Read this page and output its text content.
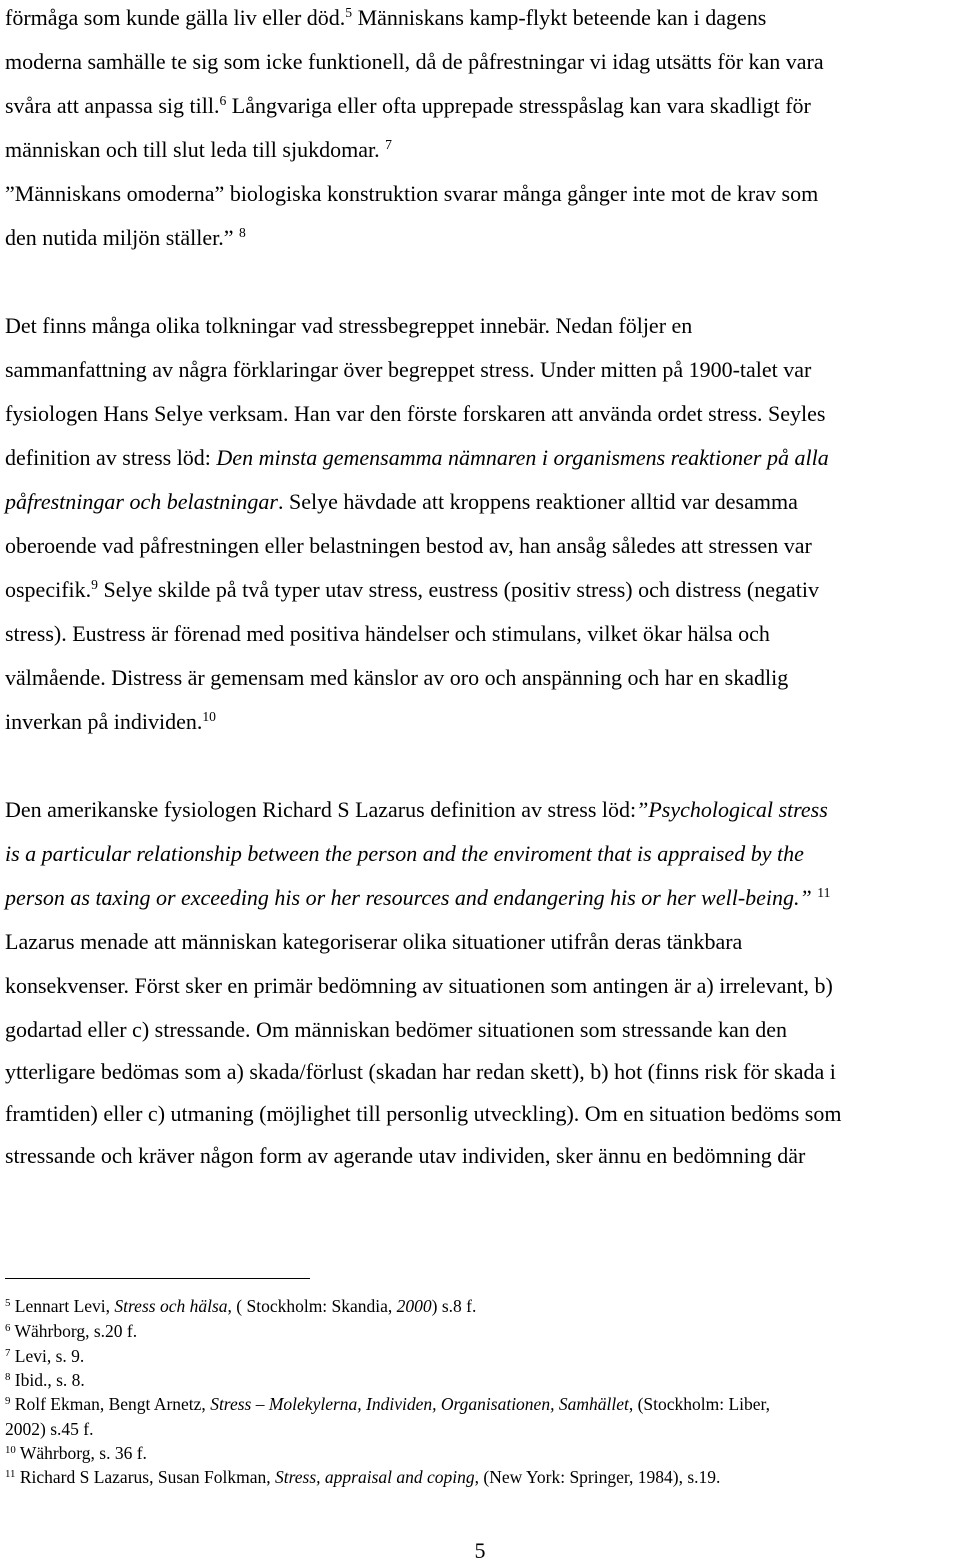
förmåga som kunde gälla liv eller död.$^5$ Människans kamp-flykt beteende kan i dagens
moderna samhälle te sig som icke funktionell, då de påfrestningar vi idag utsätts för kan vara
svåra att anpassa sig till.$^6$ Långvariga eller ofta upprepade stresspåslag kan vara skadligt för
människan och till slut leda till sjukdomar. $^7$
”Människans omoderna” biologiska konstruktion svarar många gånger inte mot de krav som
den nutida miljön ställer.” $^8$
Det finns många olika tolkningar vad stressbegreppet innebär. Nedan följer en
sammanfattning av några förklaringar över begreppet stress. Under mitten på 1900-talet var
fysiologen Hans Selye verksam. Han var den förste forskaren att använda ordet stress. Seyles
definition av stress löd: Den minsta gemensamma nämnaren i organismens reaktioner på alla
påfrestningar och belastningar. Selye hävdade att kroppens reaktioner alltid var desamma
oberoende vad påfrestningen eller belastningen bestod av, han ansåg således att stressen var
ospecifik.$^9$ Selye skilde på två typer utav stress, eustress (positiv stress) och distress (negativ
stress). Eustress är förenad med positiva händelser och stimulans, vilket ökar hälsa och
välmående. Distress är gemensam med känslor av oro och anspänning och har en skadlig
inverkan på individen.$^{10}$
Den amerikanske fysiologen Richard S Lazarus definition av stress löd:”Psychological stress
is a particular relationship between the person and the enviroment that is appraised by the
person as taxing or exceeding his or her resources and endangering his or her well-being.” $^{11}$
Lazarus menade att människan kategoriserar olika situationer utifrån deras tänkbara
konsekvenser. Först sker en primär bedömning av situationen som antingen är a) irrelevant, b)
godartad eller c) stressande. Om människan bedömer situationen som stressande kan den
ytterligare bedömas som a) skada/förlust (skadan har redan skett), b) hot (finns risk för skada i
framtiden) eller c) utmaning (möjlighet till personlig utveckling). Om en situation bedöms som
stressande och kräver någon form av agerande utav individen, sker ännu en bedömning där
$^5$ Lennart Levi, Stress och hälsa, ( Stockholm: Skandia, 2000) s.8 f.
$^6$ Währborg, s.20 f.
$^7$ Levi, s. 9.
$^8$ Ibid., s. 8.
$^9$ Rolf Ekman, Bengt Arnetz, Stress – Molekylerna, Individen, Organisationen, Samhället, (Stockholm: Liber,
2002) s.45 f.
$^{10}$ Währborg, s. 36 f.
$^{11}$ Richard S Lazarus, Susan Folkman, Stress, appraisal and coping, (New York: Springer, 1984), s.19.
5
